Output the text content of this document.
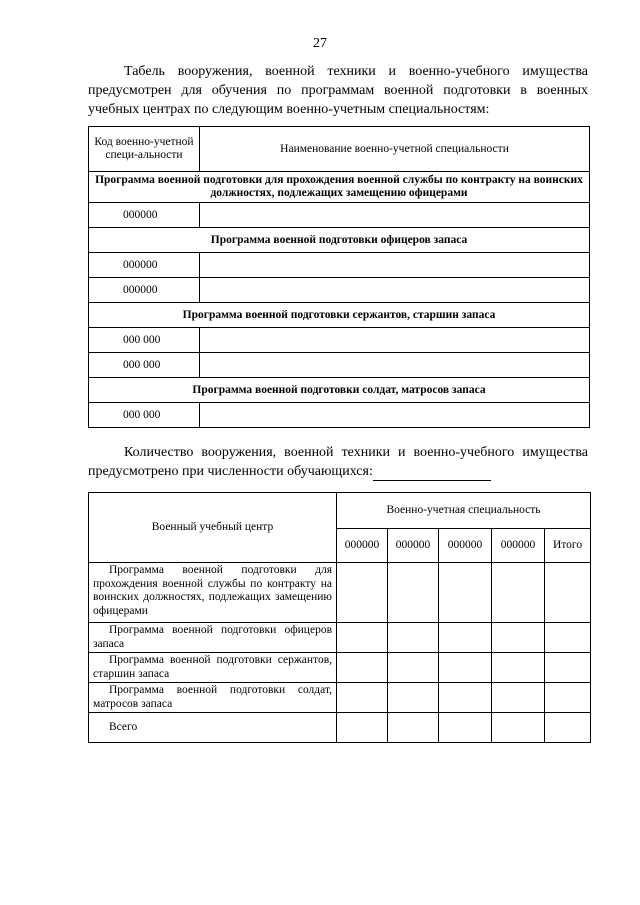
27
Табель вооружения, военной техники и военно-учебного имущества предусмотрен для обучения по программам военной подготовки в военных учебных центрах по следующим военно-учетным специальностям:
Код военно-учетной специ-альности	Наименование военно-учетной специальности
Программа военной подготовки для прохождения военной службы по контракту на воинских должностях, подлежащих замещению офицерами	
000000	
Программа военной подготовки офицеров запаса	
000000	
000000	
Программа военной подготовки сержантов, старшин запаса	
000 000	
000 000	
Программа военной подготовки солдат, матросов запаса	
000 000	
Количество вооружения, военной техники и военно-учебного имущества предусмотрено при численности обучающихся:
Военный учебный центр	Военно-учетная специальность				
	000000	000000	000000	000000	Итого
Программа военной подготовки для прохождения военной службы по контракту на воинских должностях, подлежащих замещению офицерами					
Программа военной подготовки офицеров запаса					
Программа военной подготовки сержантов, старшин запаса					
Программа военной подготовки солдат, матросов запаса					
Всего					
